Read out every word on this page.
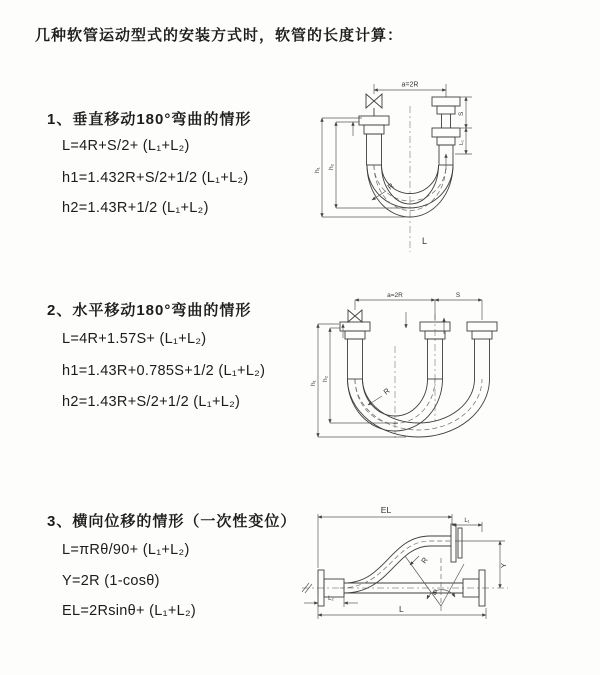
几种软管运动型式的安装方式时，软管的长度计算：
1、垂直移动180°弯曲的情形
L=4R+S/2+ (L₁+L₂)
h1=1.432R+S/2+1/2 (L₁+L₂)
h2=1.43R+1/2 (L₁+L₂)
2、水平移动180°弯曲的情形
L=4R+1.57S+ (L₁+L₂)
h1=1.43R+0.785S+1/2 (L₁+L₂)
h2=1.43R+S/2+1/2 (L₁+L₂)
3、横向位移的情形（一次性变位）
L=πRθ/90+ (L₁+L₂)
Y=2R (1-cosθ)
EL=2Rsinθ+ (L₁+L₂)
a=2R
h₁
h₂
S
L₁
R
L
a=2R	S
h₁
h₂
R
EL
L₁
Y
θ
R
L
L₂
